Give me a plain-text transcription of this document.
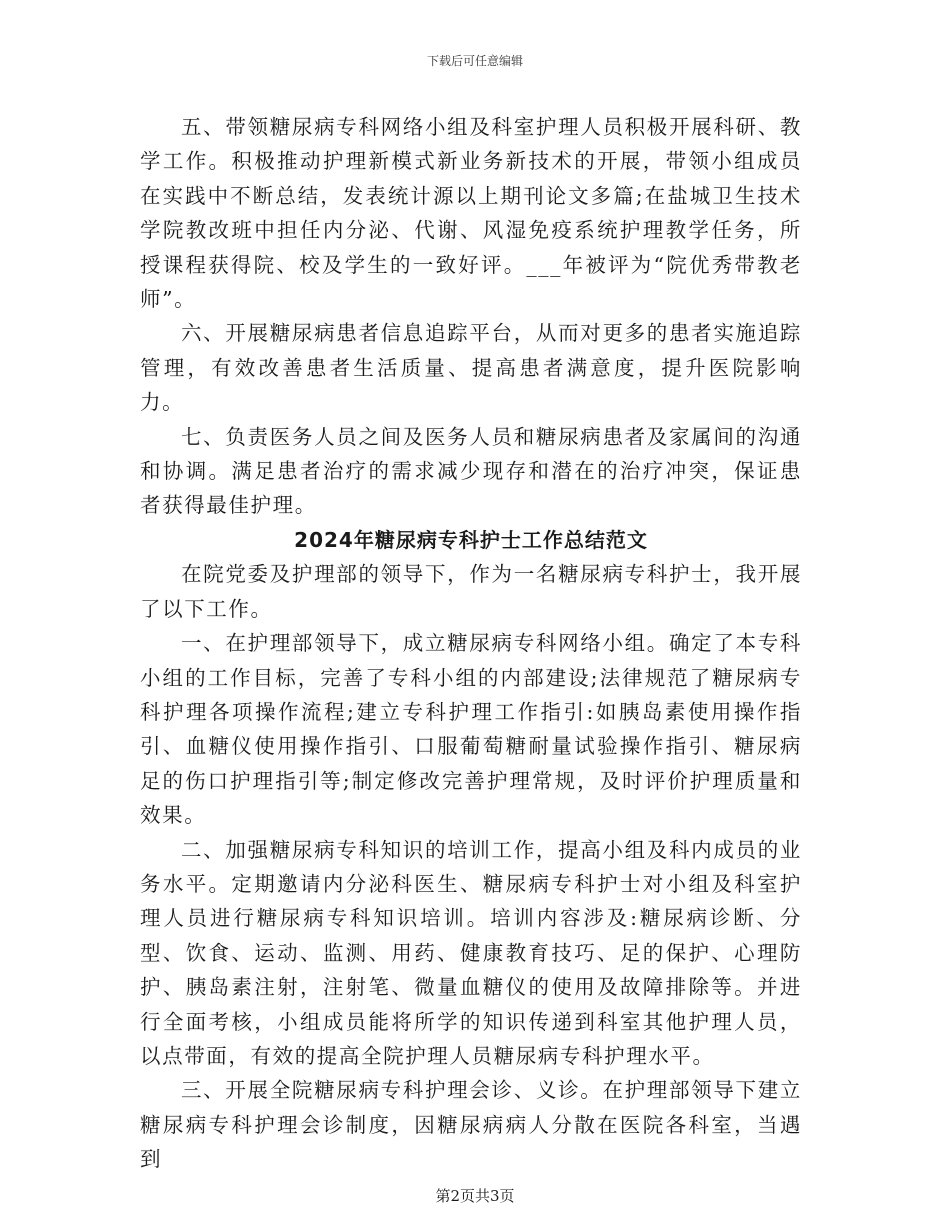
下载后可任意编辑

五、带领糖尿病专科网络小组及科室护理人员积极开展科研、教学工作。积极推动护理新模式新业务新技术的开展，带领小组成员在实践中不断总结，发表统计源以上期刊论文多篇;在盐城卫生技术学院教改班中担任内分泌、代谢、风湿免疫系统护理教学任务，所授课程获得院、校及学生的一致好评。___年被评为“院优秀带教老师”。

六、开展糖尿病患者信息追踪平台，从而对更多的患者实施追踪管理，有效改善患者生活质量、提高患者满意度，提升医院影响力。

七、负责医务人员之间及医务人员和糖尿病患者及家属间的沟通和协调。满足患者治疗的需求减少现存和潜在的治疗冲突，保证患者获得最佳护理。

2024年糖尿病专科护士工作总结范文

在院党委及护理部的领导下，作为一名糖尿病专科护士，我开展了以下工作。

一、在护理部领导下，成立糖尿病专科网络小组。确定了本专科小组的工作目标，完善了专科小组的内部建设;法律规范了糖尿病专科护理各项操作流程;建立专科护理工作指引:如胰岛素使用操作指引、血糖仪使用操作指引、口服葡萄糖耐量试验操作指引、糖尿病足的伤口护理指引等;制定修改完善护理常规，及时评价护理质量和效果。

二、加强糖尿病专科知识的培训工作，提高小组及科内成员的业务水平。定期邀请内分泌科医生、糖尿病专科护士对小组及科室护理人员进行糖尿病专科知识培训。培训内容涉及:糖尿病诊断、分型、饮食、运动、监测、用药、健康教育技巧、足的保护、心理防护、胰岛素注射，注射笔、微量血糖仪的使用及故障排除等。并进行全面考核，小组成员能将所学的知识传递到科室其他护理人员，以点带面，有效的提高全院护理人员糖尿病专科护理水平。

三、开展全院糖尿病专科护理会诊、义诊。在护理部领导下建立糖尿病专科护理会诊制度，因糖尿病病人分散在医院各科室，当遇到

第2页共3页
